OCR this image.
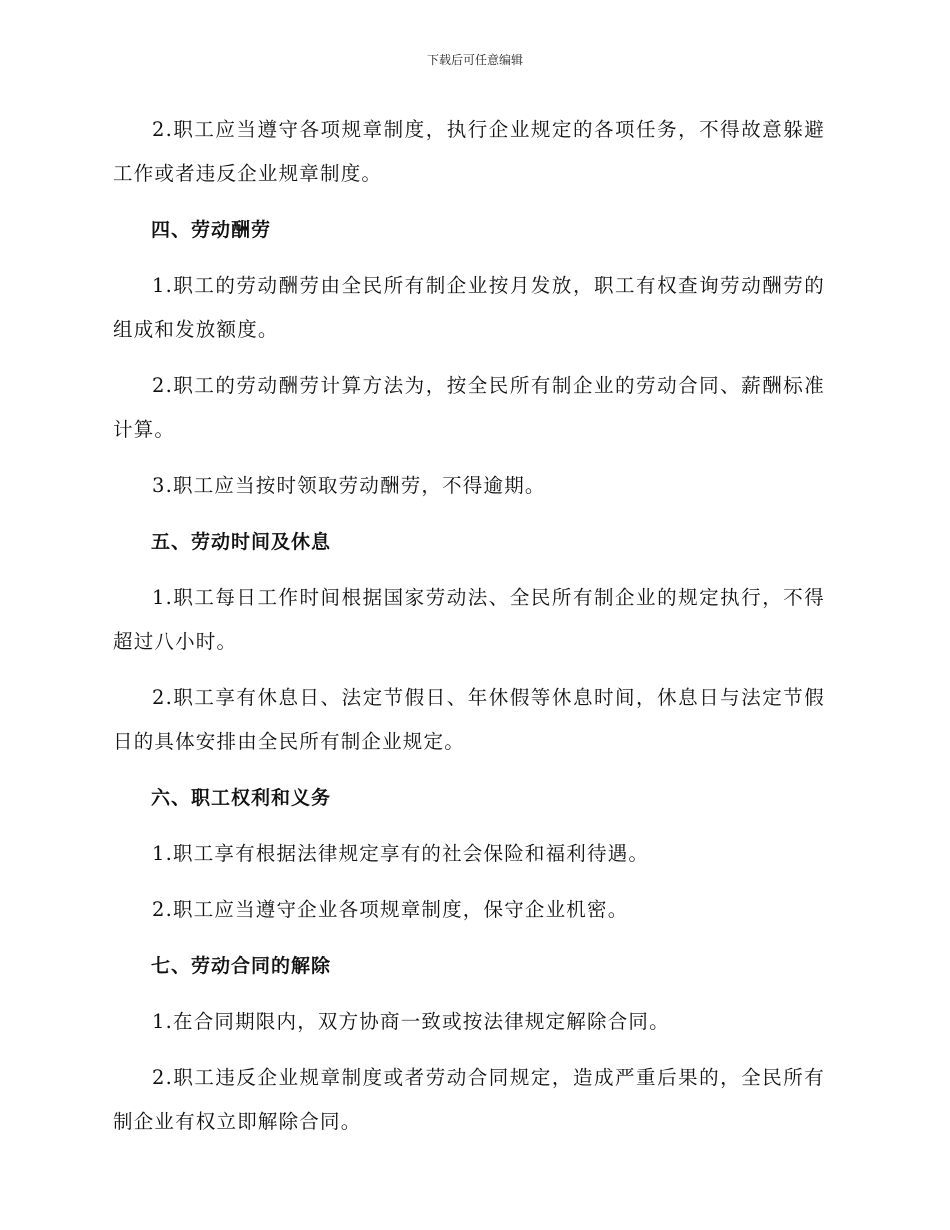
下载后可任意编辑

2.职工应当遵守各项规章制度，执行企业规定的各项任务，不得故意躲避工作或者违反企业规章制度。

四、劳动酬劳

1.职工的劳动酬劳由全民所有制企业按月发放，职工有权查询劳动酬劳的组成和发放额度。

2.职工的劳动酬劳计算方法为，按全民所有制企业的劳动合同、薪酬标准计算。

3.职工应当按时领取劳动酬劳，不得逾期。

五、劳动时间及休息

1.职工每日工作时间根据国家劳动法、全民所有制企业的规定执行，不得超过八小时。

2.职工享有休息日、法定节假日、年休假等休息时间，休息日与法定节假日的具体安排由全民所有制企业规定。

六、职工权利和义务

1.职工享有根据法律规定享有的社会保险和福利待遇。

2.职工应当遵守企业各项规章制度，保守企业机密。

七、劳动合同的解除

1.在合同期限内，双方协商一致或按法律规定解除合同。

2.职工违反企业规章制度或者劳动合同规定，造成严重后果的，全民所有制企业有权立即解除合同。
